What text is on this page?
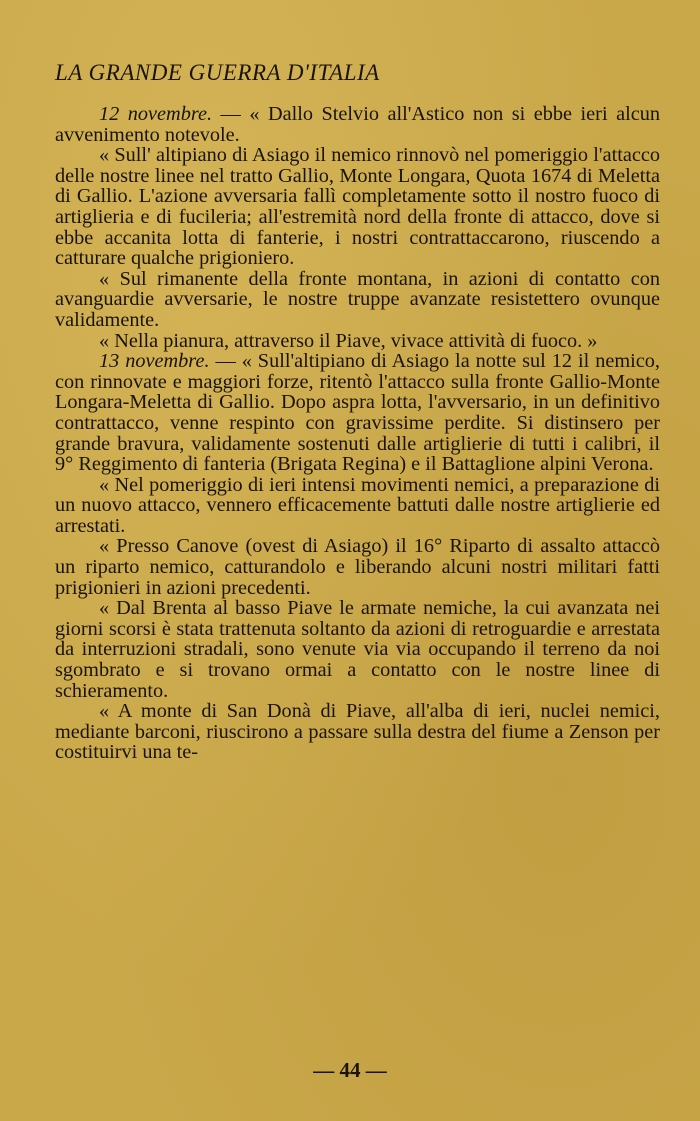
LA GRANDE GUERRA D'ITALIA

12 novembre. — « Dallo Stelvio all'Astico non si ebbe ieri alcun avvenimento notevole.

« Sull' altipiano di Asiago il nemico rinnovò nel pomeriggio l'attacco delle nostre linee nel tratto Gallio, Monte Longara, Quota 1674 di Meletta di Gallio. L'azione avversaria fallì completamente sotto il nostro fuoco di artiglieria e di fucileria; all'estremità nord della fronte di attacco, dove si ebbe accanita lotta di fanterie, i nostri contrattaccarono, riuscendo a catturare qualche prigioniero.

« Sul rimanente della fronte montana, in azioni di contatto con avanguardie avversarie, le nostre truppe avanzate resistettero ovunque validamente.

« Nella pianura, attraverso il Piave, vivace attività di fuoco. »

13 novembre. — « Sull'altipiano di Asiago la notte sul 12 il nemico, con rinnovate e maggiori forze, ritentò l'attacco sulla fronte Gallio-Monte Longara-Meletta di Gallio. Dopo aspra lotta, l'avversario, in un definitivo contrattacco, venne respinto con gravissime perdite. Si distinsero per grande bravura, validamente sostenuti dalle artiglierie di tutti i calibri, il 9° Reggimento di fanteria (Brigata Regina) e il Battaglione alpini Verona.

« Nel pomeriggio di ieri intensi movimenti nemici, a preparazione di un nuovo attacco, vennero efficacemente battuti dalle nostre artiglierie ed arrestati.

« Presso Canove (ovest di Asiago) il 16° Riparto di assalto attaccò un riparto nemico, catturandolo e liberando alcuni nostri militari fatti prigionieri in azioni precedenti.

« Dal Brenta al basso Piave le armate nemiche, la cui avanzata nei giorni scorsi è stata trattenuta soltanto da azioni di retroguardie e arrestata da interruzioni stradali, sono venute via via occupando il terreno da noi sgombrato e si trovano ormai a contatto con le nostre linee di schieramento.

« A monte di San Donà di Piave, all'alba di ieri, nuclei nemici, mediante barconi, riuscirono a passare sulla destra del fiume a Zenson per costituirvi una te-

— 44 —
